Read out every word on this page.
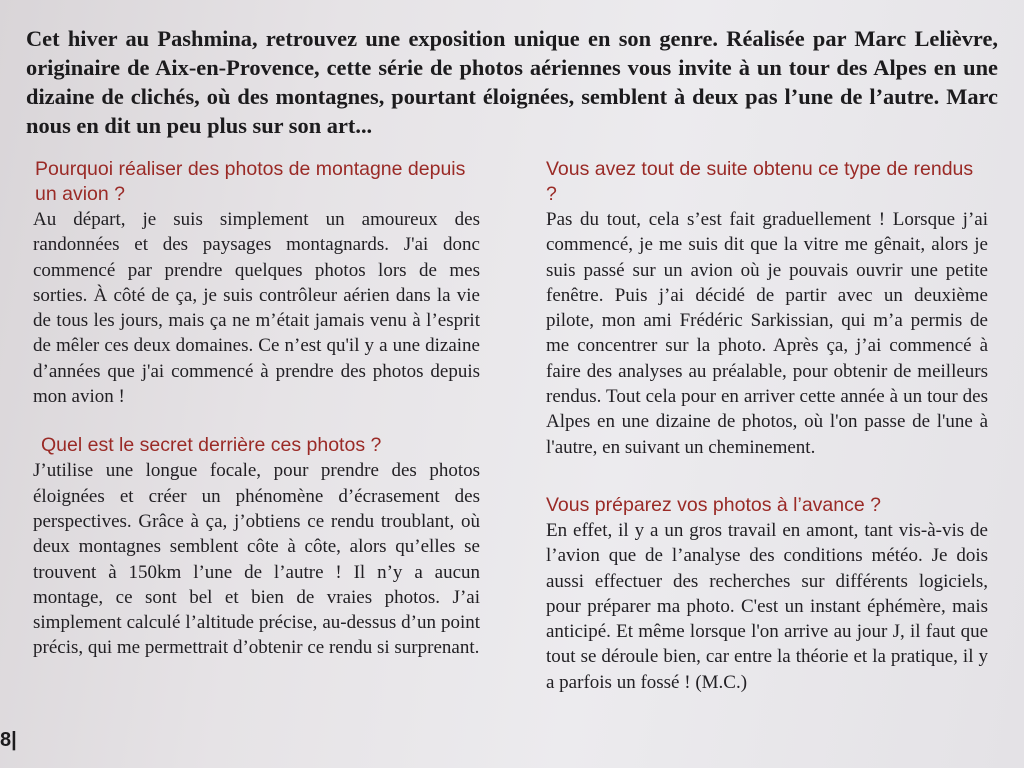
Cet hiver au Pashmina, retrouvez une exposition unique en son genre. Réalisée par Marc Lelièvre, originaire de Aix-en-Provence, cette série de photos aériennes vous invite à un tour des Alpes en une dizaine de clichés, où des montagnes, pourtant éloignées, semblent à deux pas l’une de l’autre. Marc nous en dit un peu plus sur son art...

Pourquoi réaliser des photos de montagne depuis un avion ?

Au départ, je suis simplement un amoureux des randonnées et des paysages montagnards. J'ai donc commencé par prendre quelques photos lors de mes sorties. À côté de ça, je suis contrôleur aérien dans la vie de tous les jours, mais ça ne m’était jamais venu à l’esprit de mêler ces deux domaines. Ce n’est qu'il y a une dizaine d’années que j'ai commencé à prendre des photos depuis mon avion !

Quel est le secret derrière ces photos ?

J’utilise une longue focale, pour prendre des photos éloignées et créer un phénomène d’écrasement des perspectives. Grâce à ça, j’obtiens ce rendu troublant, où deux montagnes semblent côte à côte, alors qu’elles se trouvent à 150km l’une de l’autre ! Il n’y a aucun montage, ce sont bel et bien de vraies photos. J’ai simplement calculé l’altitude précise, au-dessus d’un point précis, qui me permettrait d’obtenir ce rendu si surprenant.

Vous avez tout de suite obtenu ce type de rendus ?

Pas du tout, cela s’est fait graduellement ! Lorsque j’ai commencé, je me suis dit que la vitre me gênait, alors je suis passé sur un avion où je pouvais ouvrir une petite fenêtre. Puis j’ai décidé de partir avec un deuxième pilote, mon ami Frédéric Sarkissian, qui m’a permis de me concentrer sur la photo. Après ça, j’ai commencé à faire des analyses au préalable, pour obtenir de meilleurs rendus. Tout cela pour en arriver cette année à un tour des Alpes en une dizaine de photos, où l'on passe de l'une à l'autre, en suivant un cheminement.

Vous préparez vos photos à l’avance ?

En effet, il y a un gros travail en amont, tant vis-à-vis de l’avion que de l’analyse des conditions météo. Je dois aussi effectuer des recherches sur différents logiciels, pour préparer ma photo. C'est un instant éphémère, mais anticipé. Et même lorsque l'on arrive au jour J, il faut que tout se déroule bien, car entre la théorie et la pratique, il y a parfois un fossé ! (M.C.)

8|
